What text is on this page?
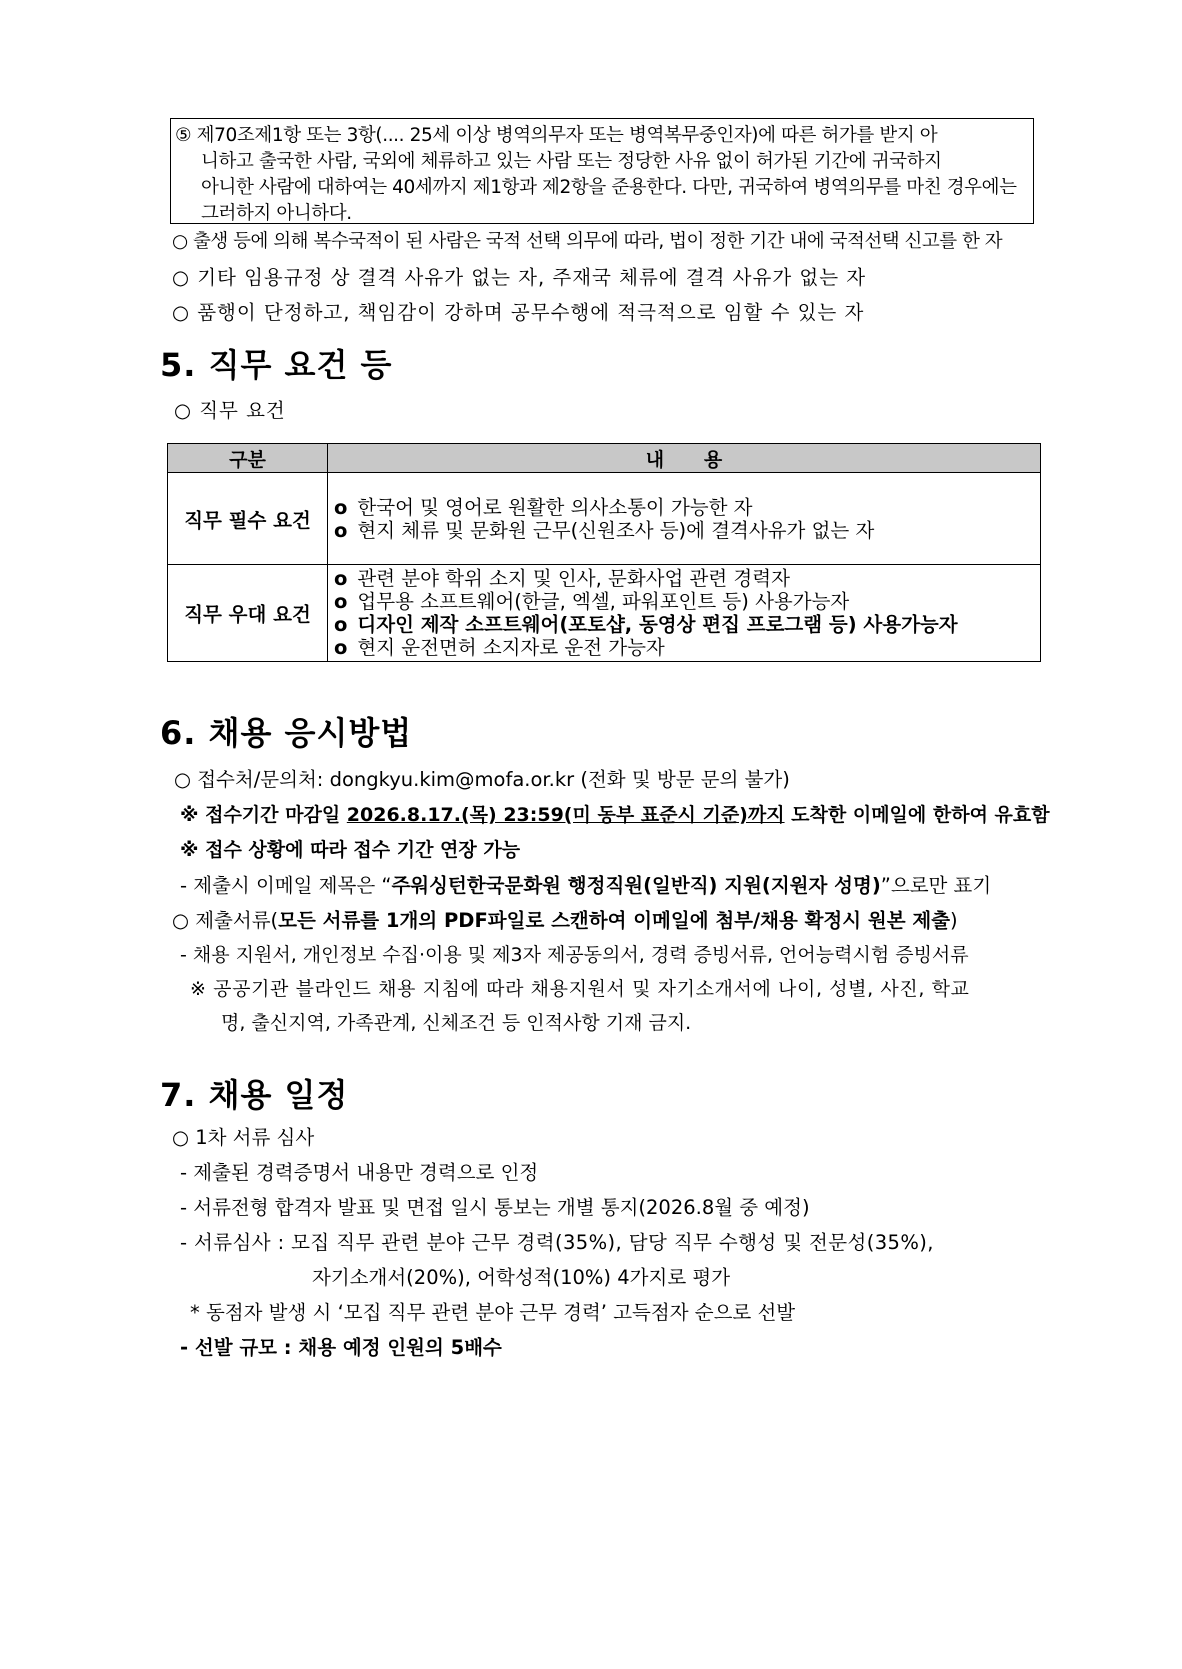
⑤ 제70조제1항 또는 3항(.... 25세 이상 병역의무자 또는 병역복무중인자)에 따른 허가를 받지 아
니하고 출국한 사람, 국외에 체류하고 있는 사람 또는 정당한 사유 없이 허가된 기간에 귀국하지
아니한 사람에 대하여는 40세까지 제1항과 제2항을 준용한다. 다만, 귀국하여 병역의무를 마친 경우에는
그러하지 아니하다.
○ 출생 등에 의해 복수국적이 된 사람은 국적 선택 의무에 따라, 법이 정한 기간 내에 국적선택 신고를 한 자
○ 기타 임용규정 상 결격 사유가 없는 자, 주재국 체류에 결격 사유가 없는 자
○ 품행이 단정하고, 책임감이 강하며 공무수행에 적극적으로 임할 수 있는 자
5. 직무 요건 등
○ 직무 요건
구분	내      용
직무 필수 요건	o 한국어 및 영어로 원활한 의사소통이 가능한 자
o 현지 체류 및 문화원 근무(신원조사 등)에 결격사유가 없는 자

직무 우대 요건	o 관련 분야 학위 소지 및 인사, 문화사업 관련 경력자
o 업무용 소프트웨어(한글, 엑셀, 파워포인트 등) 사용가능자
o 디자인 제작 소프트웨어(포토샵, 동영상 편집 프로그램 등) 사용가능자
o 현지 운전면허 소지자로 운전 가능자
6. 채용 응시방법
○ 접수처/문의처: dongkyu.kim@mofa.or.kr (전화 및 방문 문의 불가)
※ 접수기간 마감일 2026.8.17.(목) 23:59(미 동부 표준시 기준)까지 도착한 이메일에 한하여 유효함
※ 접수 상황에 따라 접수 기간 연장 가능
- 제출시 이메일 제목은 “주워싱턴한국문화원 행정직원(일반직) 지원(지원자 성명)”으로만 표기
○ 제출서류(모든 서류를 1개의 PDF파일로 스캔하여 이메일에 첨부/채용 확정시 원본 제출)
- 채용 지원서, 개인정보 수집·이용 및 제3자 제공동의서, 경력 증빙서류, 언어능력시험 증빙서류
※ 공공기관 블라인드 채용 지침에 따라 채용지원서 및 자기소개서에 나이, 성별, 사진, 학교
명, 출신지역, 가족관계, 신체조건 등 인적사항 기재 금지.
7. 채용 일정
○ 1차 서류 심사
- 제출된 경력증명서 내용만 경력으로 인정
- 서류전형 합격자 발표 및 면접 일시 통보는 개별 통지(2026.8월 중 예정)
- 서류심사 : 모집 직무 관련 분야 근무 경력(35%), 담당 직무 수행성 및 전문성(35%),
자기소개서(20%), 어학성적(10%) 4가지로 평가
* 동점자 발생 시 ‘모집 직무 관련 분야 근무 경력’ 고득점자 순으로 선발
- 선발 규모 : 채용 예정 인원의 5배수
